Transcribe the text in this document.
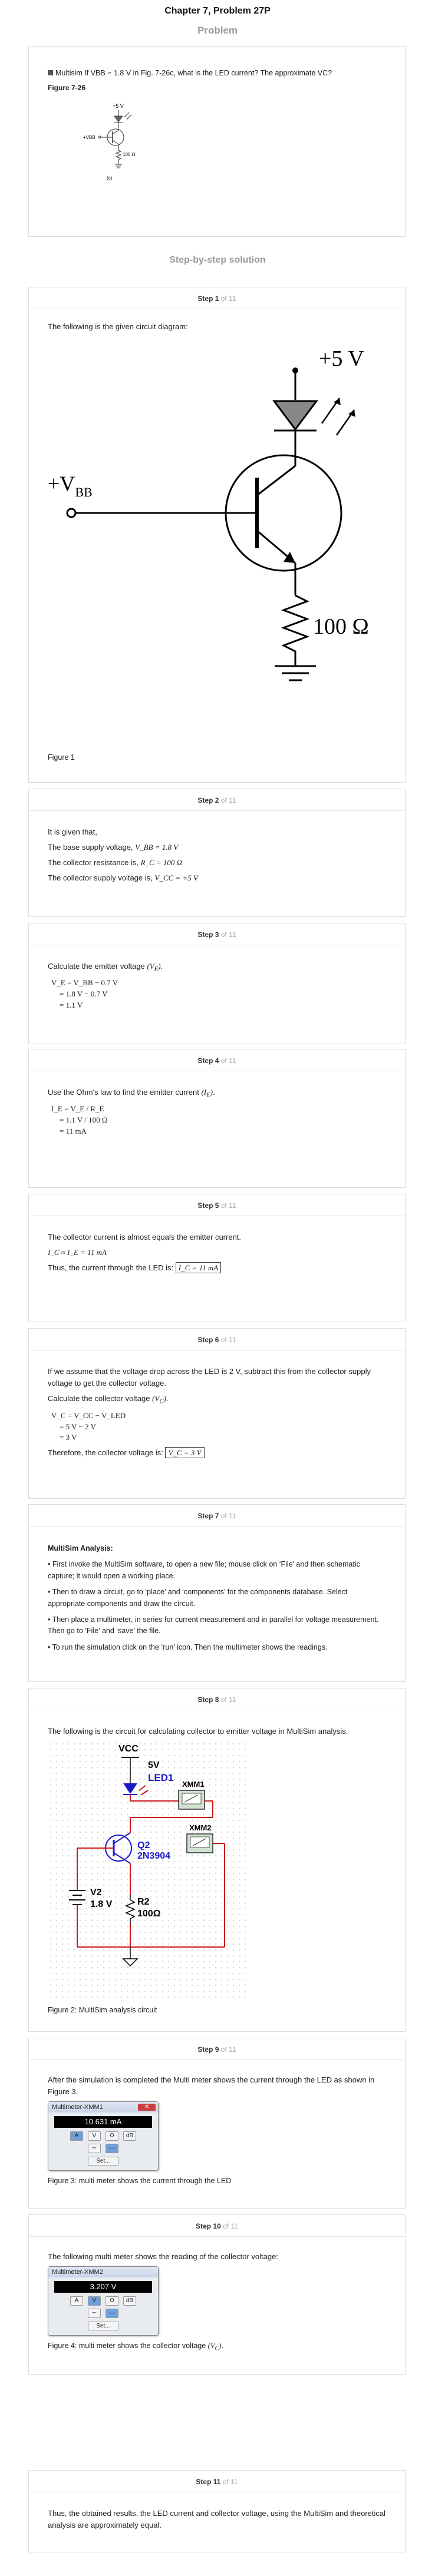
Chapter 7, Problem 27P
Problem

Multisim If VBB = 1.8 V in Fig. 7-26c, what is the LED current? The approximate VC?

Figure 7-26

+5 V
+VBB
100 Ω
(c)
Step-by-step solution
Step 1 of 11

The following is the given circuit diagram:

+5 V
$+V_{BB}$
100 Ω

Figure 1

Step 2 of 11

It is given that,

The base supply voltage, V_BB = 1.8 V

The collector resistance is, R_C = 100 Ω

The collector supply voltage is, V_CC = +5 V

Step 3 of 11

Calculate the emitter voltage $(V_E)$.

V_E = V_BB − 0.7 V
= 1.8 V − 0.7 V
= 1.1 V
Step 4 of 11

Use the Ohm's law to find the emitter current $(I_E)$.

I_E = V_E / R_E
= 1.1 V / 100 Ω
= 11 mA
Step 5 of 11

The collector current is almost equals the emitter current.

I_C ≈ I_E = 11 mA

Thus, the current through the LED is: I_C = 11 mA

Step 6 of 11

If we assume that the voltage drop across the LED is 2 V, subtract this from the collector supply voltage to get the collector voltage.

Calculate the collector voltage $(V_C)$.

V_C = V_CC − V_LED
= 5 V − 2 V
= 3 V

Therefore, the collector voltage is: V_C = 3 V

Step 7 of 11

MultiSim Analysis:

• First invoke the MultiSim software, to open a new file; mouse click on ‘File’ and then schematic capture; it would open a working place.

• Then to draw a circuit, go to ‘place’ and ‘components’ for the components database. Select appropriate components and draw the circuit.

• Then place a multimeter, in series for current measurement and in parallel for voltage measurement. Then go to ‘File’ and ‘save’ the file.

• To run the simulation click on the ‘run’ icon. Then the multimeter shows the readings.

Step 8 of 11

The following is the circuit for calculating collector to emitter voltage in MultiSim analysis.

VCC
5V
LED1
XMM1
XMM2
Q2
2N3904
V2
1.8 V	R2
100Ω

Figure 2: MultiSim analysis circuit

Step 9 of 11

After the simulation is completed the Multi meter shows the current through the LED as shown in Figure 3.

Multimeter-XMM1	✕
10.631 mA
A	V	Ω	dB
∼	—
Set...

Figure 3: multi meter shows the current through the LED

Step 10 of 11

The following multi meter shows the reading of the collector voltage:

Multimeter-XMM2
3.207 V
A	V	Ω	dB
∼	—
Set...

Figure 4: multi meter shows the collector voltage $(V_C)$.

Step 11 of 11

Thus, the obtained results, the LED current and collector voltage, using the MultiSim and theoretical analysis are approximately equal.
